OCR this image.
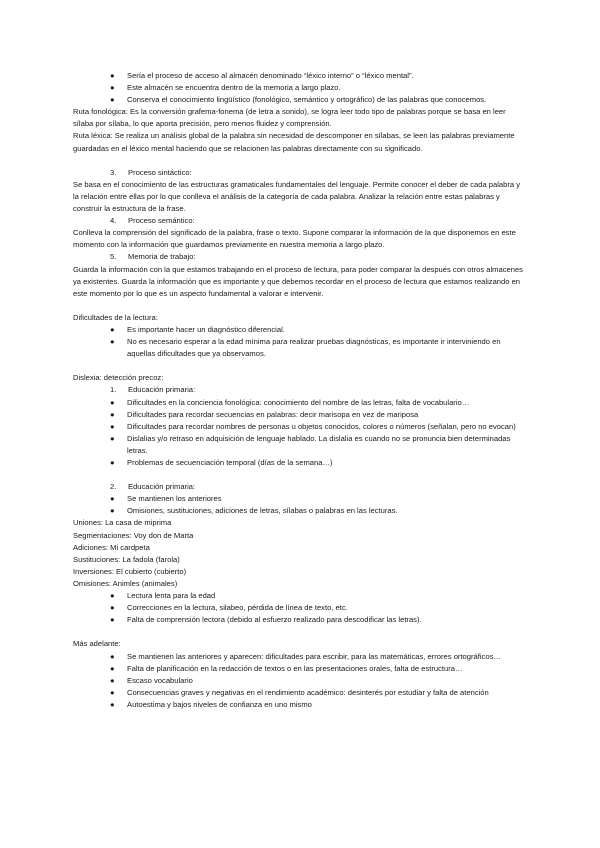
●	Sería el proceso de acceso al almacén denominado “léxico interno” o “léxico mental”.
●	Este almacén se encuentra dentro de la memoria a largo plazo.
●	Conserva el conocimiento lingüístico (fonológico, semántico y ortográfico) de las palabras que conocemos.
Ruta fonológica: Es la conversión grafema-fonema (de letra a sonido), se logra leer todo tipo de palabras porque se basa en leer sílaba por sílaba, lo que aporta precisión, pero menos fluidez y comprensión.
Ruta léxica: Se realiza un análisis global de la palabra sin necesidad de descomponer en sílabas, se leen las palabras previamente guardadas en el léxico mental haciendo que se relacionen las palabras directamente con su significado.
3.	Proceso sintáctico:
Se basa en el conocimiento de las estructuras gramaticales fundamentales del lenguaje. Permite conocer el deber de cada palabra y la relación entre ellas por lo que conlleva el análisis de la categoría de cada palabra. Analizar la relación entre estas palabras y construir la estructura de la frase.
4.	Proceso semántico:
Conlleva la comprensión del significado de la palabra, frase o texto. Supone comparar la información de la que disponemos en este momento con la información que guardamos previamente en nuestra memoria a largo plazo.
5.	Memoria de trabajo:
Guarda la información con la que estamos trabajando en el proceso de lectura, para poder comparar la después con otros almacenes ya existentes. Guarda la información que es importante y que debemos recordar en el proceso de lectura que estamos realizando en este momento por lo que es un aspecto fundamental a valorar e intervenir.
Dificultades de la lectura:
●	Es importante hacer un diagnóstico diferencial.
●	No es necesario esperar a la edad mínima para realizar pruebas diagnósticas, es importante ir interviniendo en aquellas dificultades que ya observamos.
Dislexia: detección precoz:
1.	Educación primaria:
●	Dificultades en la conciencia fonológica: conocimiento del nombre de las letras, falta de vocabulario…
●	Dificultades para recordar secuencias en palabras: decir marisopa en vez de mariposa
●	Dificultades para recordar nombres de personas u objetos conocidos, colores o números (señalan, pero no evocan)
●	Dislalias y/o retraso en adquisición de lenguaje hablado. La dislalia es cuando no se pronuncia bien determinadas letras.
●	Problemas de secuenciación temporal (días de la semana…)
2.	Educación primaria:
●	Se mantienen los anteriores
●	Omisiones, sustituciones, adiciones de letras, sílabas o palabras en las lecturas.
Uniones: La casa de miprima
Segmentaciones: Voy don de Marta
Adiciones: Mi cardpeta
Sustituciones: La fadola (farola)
Inversiones: El cubierto (cubierto)
Omisiones: Animles (animales)
●	Lectura lenta para la edad
●	Correcciones en la lectura, silabeo, pérdida de línea de texto, etc.
●	Falta de comprensión lectora (debido al esfuerzo realizado para descodificar las letras).
Más adelante:
●	Se mantienen las anteriores y aparecen: dificultades para escribir, para las matemáticas, errores ortográficos…
●	Falta de planificación en la redacción de textos o en las presentaciones orales, falta de estructura…
●	Escaso vocabulario
●	Consecuencias graves y negativas en el rendimiento académico: desinterés por estudiar y falta de atención
●	Autoestima y bajos niveles de confianza en uno mismo
